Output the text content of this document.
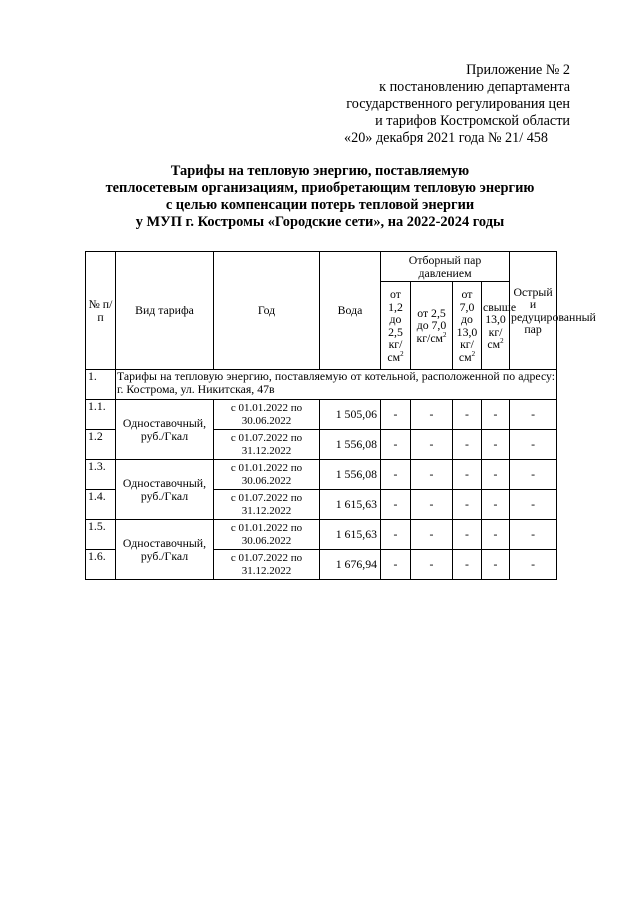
Приложение № 2
к постановлению департамента
государственного регулирования цен
и тарифов Костромской области
«20» декабря 2021 года № 21/ 458
Тарифы на тепловую энергию, поставляемую
теплосетевым организациям, приобретающим тепловую энергию
с целью компенсации потерь тепловой энергии
у МУП г. Костромы «Городские сети», на 2022-2024 годы
№ п/п	Вид тарифа	Год	Вода	Отборный пар давлением				Острый и редуцированный пар
				от 1,2 до 2,5 $кг/см^2$	от 2,5 до 7,0 $кг/см^2$	от 7,0 до 13,0 $кг/см^2$	свыше 13,0 $кг/см^2$
1.	Тарифы на тепловую энергию, поставляемую от котельной, расположенной по адресу: г. Кострома, ул. Никитская, 47в							
1.1.	Одноставочный, руб./Гкал	с 01.01.2022 по 30.06.2022	1 505,06	-	-	-	-	-
1.2		с 01.07.2022 по 31.12.2022	1 556,08	-	-	-	-	-
1.3.	Одноставочный, руб./Гкал	с 01.01.2022 по 30.06.2022	1 556,08	-	-	-	-	-
1.4.		с 01.07.2022 по 31.12.2022	1 615,63	-	-	-	-	-
1.5.	Одноставочный, руб./Гкал	с 01.01.2022 по 30.06.2022	1 615,63	-	-	-	-	-
1.6.		с 01.07.2022 по 31.12.2022	1 676,94	-	-	-	-	-
